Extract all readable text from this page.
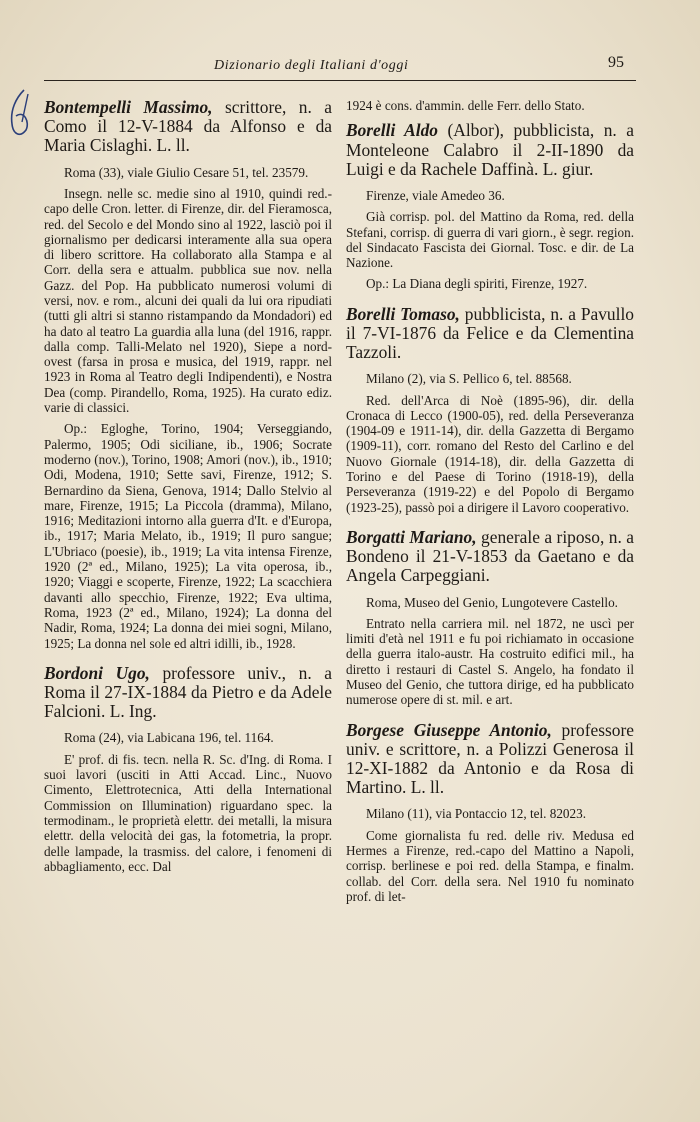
Dizionario degli Italiani d'oggi	95

Bontempelli Massimo, scrittore, n. a Como il 12-V-1884 da Alfonso e da Maria Cislaghi. L. ll.

Roma (33), viale Giulio Cesare 51, tel. 23579.

Insegn. nelle sc. medie sino al 1910, quindi red.-capo delle Cron. letter. di Firenze, dir. del Fieramosca, red. del Secolo e del Mondo sino al 1922, lasciò poi il giornalismo per dedicarsi interamente alla sua opera di libero scrittore. Ha collaborato alla Stampa e al Corr. della sera e attualm. pubblica sue nov. nella Gazz. del Pop. Ha pubblicato numerosi volumi di versi, nov. e rom., alcuni dei quali da lui ora ripudiati (tutti gli altri si stanno ristampando da Mondadori) ed ha dato al teatro La guardia alla luna (del 1916, rappr. dalla comp. Talli-Melato nel 1920), Siepe a nord-ovest (farsa in prosa e musica, del 1919, rappr. nel 1923 in Roma al Teatro degli Indipendenti), e Nostra Dea (comp. Pirandello, Roma, 1925). Ha curato ediz. varie di classici.

Op.: Egloghe, Torino, 1904; Verseggiando, Palermo, 1905; Odi siciliane, ib., 1906; Socrate moderno (nov.), Torino, 1908; Amori (nov.), ib., 1910; Odi, Modena, 1910; Sette savi, Firenze, 1912; S. Bernardino da Siena, Genova, 1914; Dallo Stelvio al mare, Firenze, 1915; La Piccola (dramma), Milano, 1916; Meditazioni intorno alla guerra d'It. e d'Europa, ib., 1917; Maria Melato, ib., 1919; Il puro sangue; L'Ubriaco (poesie), ib., 1919; La vita intensa Firenze, 1920 (2ª ed., Milano, 1925); La vita operosa, ib., 1920; Viaggi e scoperte, Firenze, 1922; La scacchiera davanti allo specchio, Firenze, 1922; Eva ultima, Roma, 1923 (2ª ed., Milano, 1924); La donna del Nadir, Roma, 1924; La donna dei miei sogni, Milano, 1925; La donna nel sole ed altri idilli, ib., 1928.

Bordoni Ugo, professore univ., n. a Roma il 27-IX-1884 da Pietro e da Adele Falcioni. L. Ing.

Roma (24), via Labicana 196, tel. 1164.

E' prof. di fis. tecn. nella R. Sc. d'Ing. di Roma. I suoi lavori (usciti in Atti Accad. Linc., Nuovo Cimento, Elettrotecnica, Atti della International Commission on Illumination) riguardano spec. la termodinam., le proprietà elettr. dei metalli, la misura elettr. della velocità dei gas, la fotometria, la propr. delle lampade, la trasmiss. del calore, i fenomeni di abbagliamento, ecc. Dal

1924 è cons. d'ammin. delle Ferr. dello Stato.

Borelli Aldo (Albor), pubblicista, n. a Monteleone Calabro il 2-II-1890 da Luigi e da Rachele Daffinà. L. giur.

Firenze, viale Amedeo 36.

Già corrisp. pol. del Mattino da Roma, red. della Stefani, corrisp. di guerra di vari giorn., è segr. region. del Sindacato Fascista dei Giornal. Tosc. e dir. de La Nazione.

Op.: La Diana degli spiriti, Firenze, 1927.

Borelli Tomaso, pubblicista, n. a Pavullo il 7-VI-1876 da Felice e da Clementina Tazzoli.

Milano (2), via S. Pellico 6, tel. 88568.

Red. dell'Arca di Noè (1895-96), dir. della Cronaca di Lecco (1900-05), red. della Perseveranza (1904-09 e 1911-14), dir. della Gazzetta di Bergamo (1909-11), corr. romano del Resto del Carlino e del Nuovo Giornale (1914-18), dir. della Gazzetta di Torino e del Paese di Torino (1918-19), della Perseveranza (1919-22) e del Popolo di Bergamo (1923-25), passò poi a dirigere il Lavoro cooperativo.

Borgatti Mariano, generale a riposo, n. a Bondeno il 21-V-1853 da Gaetano e da Angela Carpeggiani.

Roma, Museo del Genio, Lungotevere Castello.

Entrato nella carriera mil. nel 1872, ne uscì per limiti d'età nel 1911 e fu poi richiamato in occasione della guerra italo-austr. Ha costruito edifici mil., ha diretto i restauri di Castel S. Angelo, ha fondato il Museo del Genio, che tuttora dirige, ed ha pubblicato numerose opere di st. mil. e art.

Borgese Giuseppe Antonio, professore univ. e scrittore, n. a Polizzi Generosa il 12-XI-1882 da Antonio e da Rosa di Martino. L. ll.

Milano (11), via Pontaccio 12, tel. 82023.

Come giornalista fu red. delle riv. Medusa ed Hermes a Firenze, red.-capo del Mattino a Napoli, corrisp. berlinese e poi red. della Stampa, e finalm. collab. del Corr. della sera. Nel 1910 fu nominato prof. di let-
